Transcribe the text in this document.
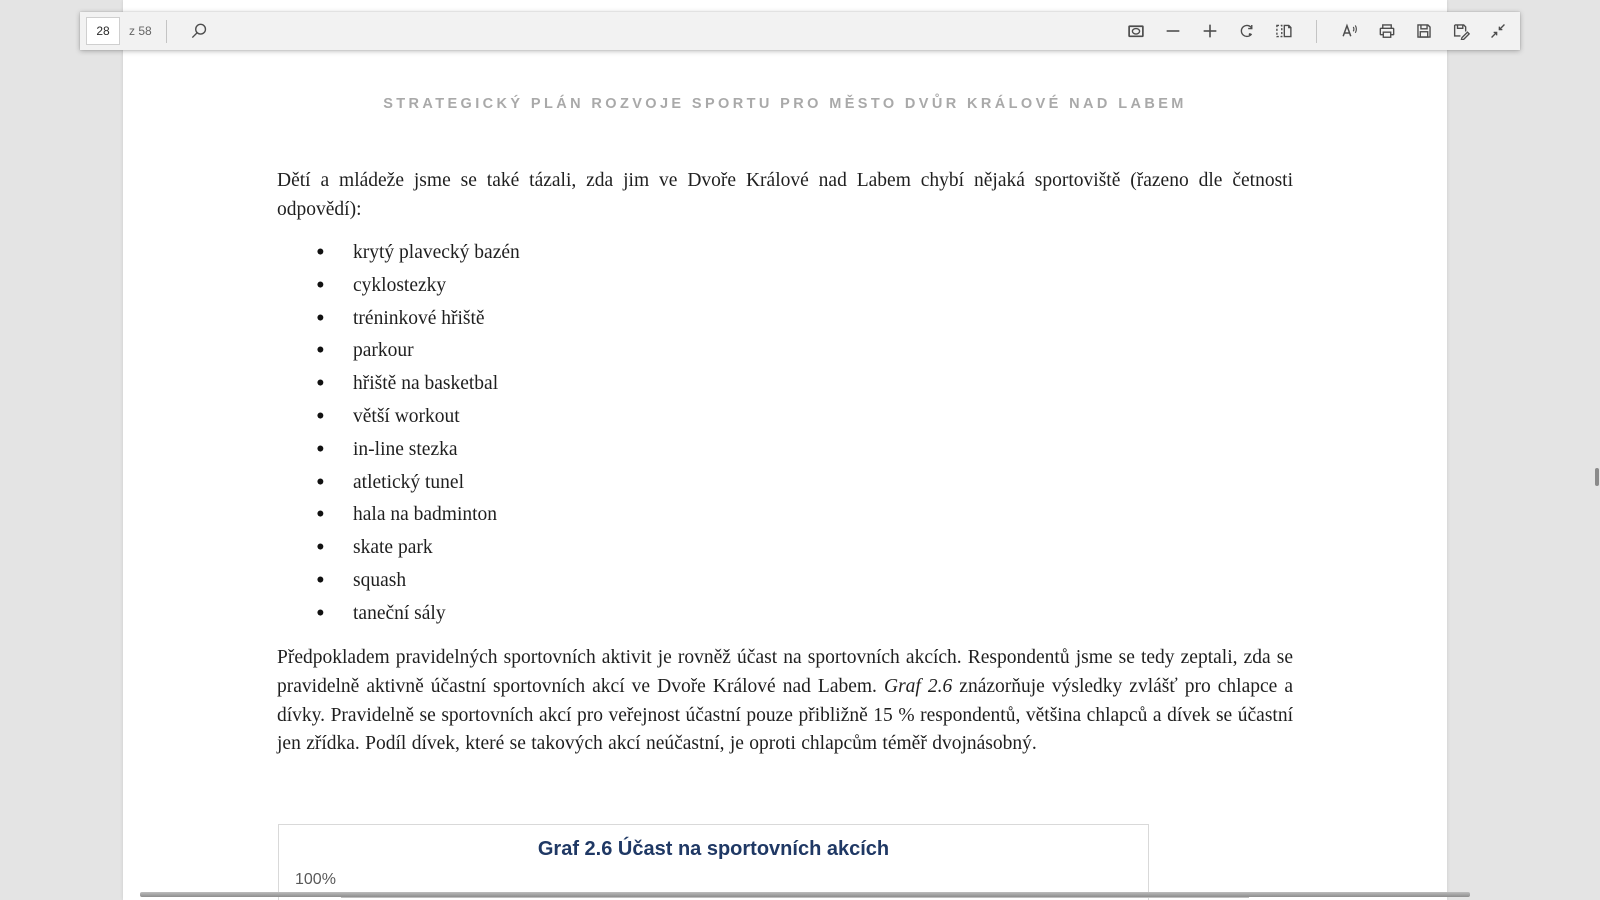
STRATEGICKÝ PLÁN ROZVOJE SPORTU PRO MĚSTO DVŮR KRÁLOVÉ NAD LABEM
Dětí a mládeže jsme se také tázali, zda jim ve Dvoře Králové nad Labem chybí nějaká sportoviště (řazeno dle četnosti odpovědí):
• krytý plavecký bazén
• cyklostezky
• tréninkové hřiště
• parkour
• hřiště na basketbal
• větší workout
• in-line stezka
• atletický tunel
• hala na badminton
• skate park
• squash
• taneční sály
Předpokladem pravidelných sportovních aktivit je rovněž účast na sportovních akcích. Respondentů jsme se tedy zeptali, zda se pravidelně aktivně účastní sportovních akcí ve Dvoře Králové nad Labem. Graf 2.6 znázorňuje výsledky zvlášť pro chlapce a dívky. Pravidelně se sportovních akcí pro veřejnost účastní pouze přibližně 15 % respondentů, většina chlapců a dívek se účastní jen zřídka. Podíl dívek, které se takových akcí neúčastní, je oproti chlapcům téměř dvojnásobný.
Graf 2.6 Účast na sportovních akcích
100%
28
z 58
